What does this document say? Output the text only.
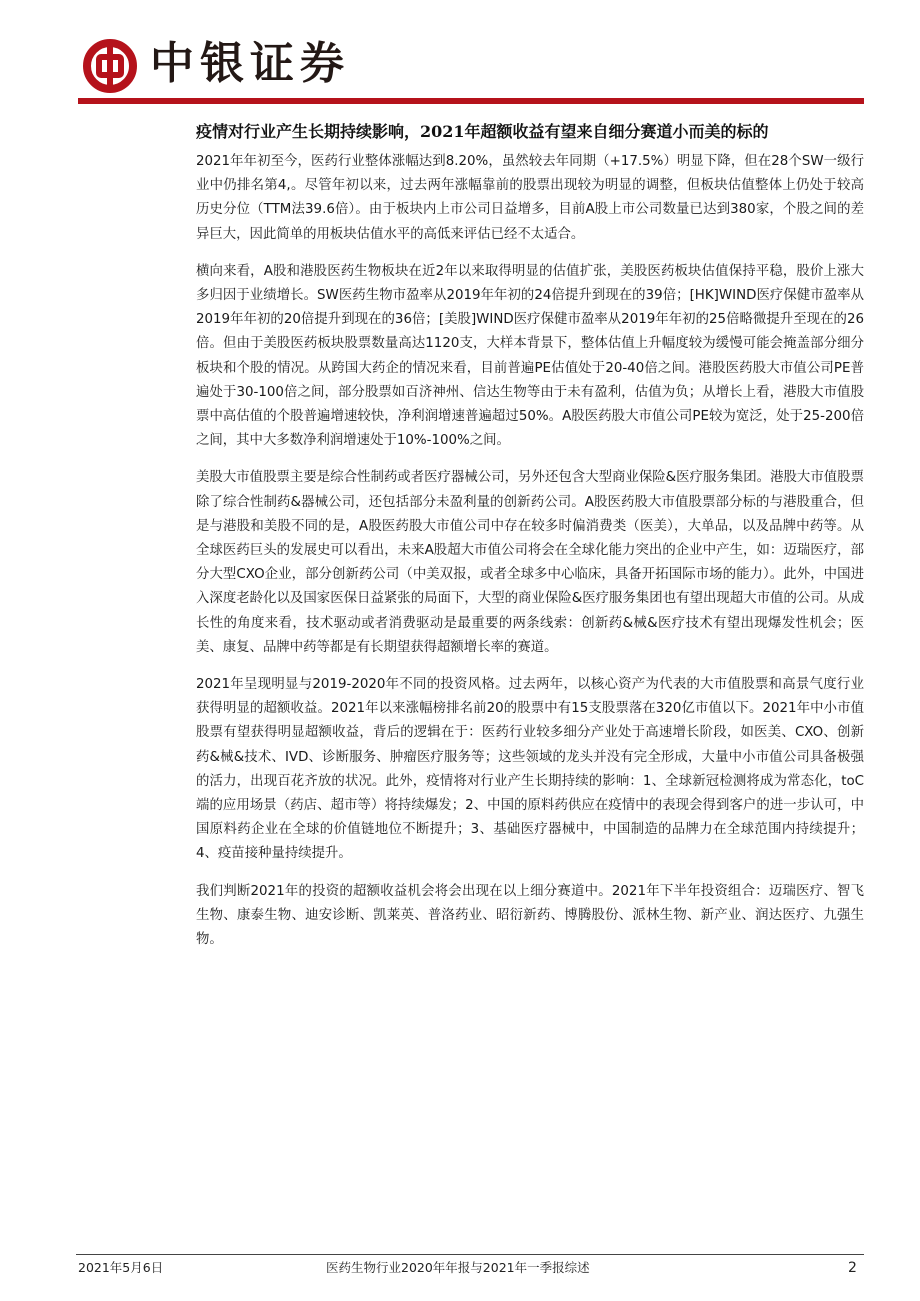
中银证券
疫情对行业产生长期持续影响，2021年超额收益有望来自细分赛道小而美的标的

2021年年初至今，医药行业整体涨幅达到8.20%，虽然较去年同期（+17.5%）明显下降，但在28个SW一级行业中仍排名第4,。尽管年初以来，过去两年涨幅靠前的股票出现较为明显的调整，但板块估值整体上仍处于较高历史分位（TTM法39.6倍）。由于板块内上市公司日益增多，目前A股上市公司数量已达到380家，个股之间的差异巨大，因此简单的用板块估值水平的高低来评估已经不太适合。

横向来看，A股和港股医药生物板块在近2年以来取得明显的估值扩张，美股医药板块估值保持平稳，股价上涨大多归因于业绩增长。SW医药生物市盈率从2019年年初的24倍提升到现在的39倍；[HK]WIND医疗保健市盈率从2019年年初的20倍提升到现在的36倍；[美股]WIND医疗保健市盈率从2019年年初的25倍略微提升至现在的26倍。但由于美股医药板块股票数量高达1120支，大样本背景下，整体估值上升幅度较为缓慢可能会掩盖部分细分板块和个股的情况。从跨国大药企的情况来看，目前普遍PE估值处于20-40倍之间。港股医药股大市值公司PE普遍处于30-100倍之间，部分股票如百济神州、信达生物等由于未有盈利，估值为负；从增长上看，港股大市值股票中高估值的个股普遍增速较快，净利润增速普遍超过50%。A股医药股大市值公司PE较为宽泛，处于25-200倍之间，其中大多数净利润增速处于10%-100%之间。

美股大市值股票主要是综合性制药或者医疗器械公司，另外还包含大型商业保险&医疗服务集团。港股大市值股票除了综合性制药&器械公司，还包括部分未盈利量的创新药公司。A股医药股大市值股票部分标的与港股重合，但是与港股和美股不同的是，A股医药股大市值公司中存在较多时偏消费类（医美），大单品，以及品牌中药等。从全球医药巨头的发展史可以看出，未来A股超大市值公司将会在全球化能力突出的企业中产生，如：迈瑞医疗，部分大型CXO企业，部分创新药公司（中美双报，或者全球多中心临床，具备开拓国际市场的能力）。此外，中国进入深度老龄化以及国家医保日益紧张的局面下，大型的商业保险&医疗服务集团也有望出现超大市值的公司。从成长性的角度来看，技术驱动或者消费驱动是最重要的两条线索：创新药&械&医疗技术有望出现爆发性机会；医美、康复、品牌中药等都是有长期望获得超额增长率的赛道。

2021年呈现明显与2019-2020年不同的投资风格。过去两年，以核心资产为代表的大市值股票和高景气度行业获得明显的超额收益。2021年以来涨幅榜排名前20的股票中有15支股票落在320亿市值以下。2021年中小市值股票有望获得明显超额收益，背后的逻辑在于：医药行业较多细分产业处于高速增长阶段，如医美、CXO、创新药&械&技术、IVD、诊断服务、肿瘤医疗服务等；这些领域的龙头并没有完全形成，大量中小市值公司具备极强的活力，出现百花齐放的状况。此外，疫情将对行业产生长期持续的影响：1、全球新冠检测将成为常态化，toC端的应用场景（药店、超市等）将持续爆发；2、中国的原料药供应在疫情中的表现会得到客户的进一步认可，中国原料药企业在全球的价值链地位不断提升；3、基础医疗器械中，中国制造的品牌力在全球范围内持续提升；4、疫苗接种量持续提升。

我们判断2021年的投资的超额收益机会将会出现在以上细分赛道中。2021年下半年投资组合：迈瑞医疗、智飞生物、康泰生物、迪安诊断、凯莱英、普洛药业、昭衍新药、博腾股份、派林生物、新产业、润达医疗、九强生物。

2021年5月6日	医药生物行业2020年年报与2021年一季报综述	2
